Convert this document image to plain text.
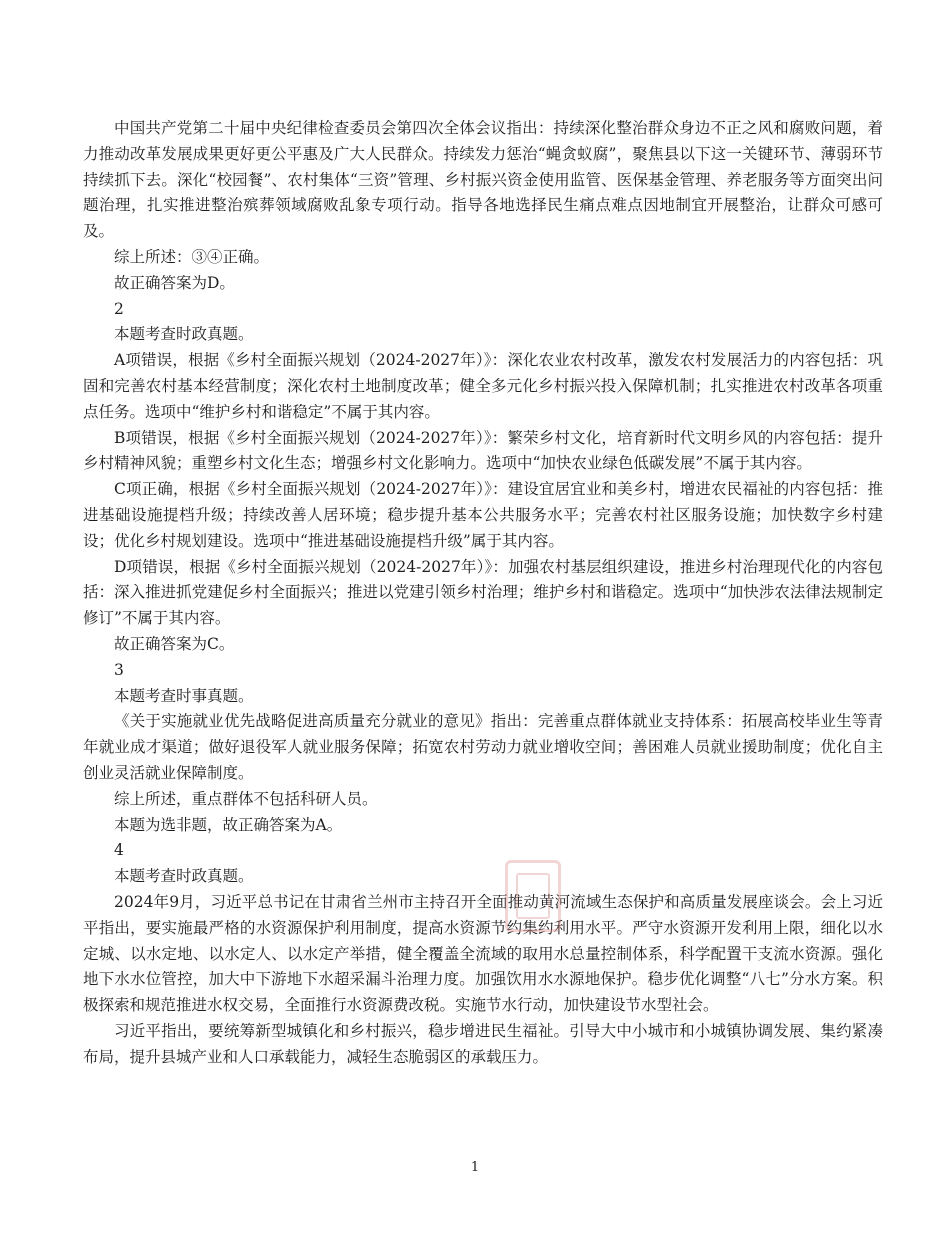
中国共产党第二十届中央纪律检查委员会第四次全体会议指出：持续深化整治群众身边不正之风和腐败问题，着力推动改革发展成果更好更公平惠及广大人民群众。持续发力惩治“蝇贪蚁腐”，聚焦县以下这一关键环节、薄弱环节持续抓下去。深化“校园餐”、农村集体“三资”管理、乡村振兴资金使用监管、医保基金管理、养老服务等方面突出问题治理，扎实推进整治殡葬领域腐败乱象专项行动。指导各地选择民生痛点难点因地制宜开展整治，让群众可感可及。

综上所述：③④正确。

故正确答案为D。

2

本题考查时政真题。

A项错误，根据《乡村全面振兴规划（2024-2027年）》：深化农业农村改革，激发农村发展活力的内容包括：巩固和完善农村基本经营制度；深化农村土地制度改革；健全多元化乡村振兴投入保障机制；扎实推进农村改革各项重点任务。选项中“维护乡村和谐稳定”不属于其内容。

B项错误，根据《乡村全面振兴规划（2024-2027年）》：繁荣乡村文化，培育新时代文明乡风的内容包括：提升乡村精神风貌；重塑乡村文化生态；增强乡村文化影响力。选项中“加快农业绿色低碳发展”不属于其内容。

C项正确，根据《乡村全面振兴规划（2024-2027年）》：建设宜居宜业和美乡村，增进农民福祉的内容包括：推进基础设施提档升级；持续改善人居环境；稳步提升基本公共服务水平；完善农村社区服务设施；加快数字乡村建设；优化乡村规划建设。选项中“推进基础设施提档升级”属于其内容。

D项错误，根据《乡村全面振兴规划（2024-2027年）》：加强农村基层组织建设，推进乡村治理现代化的内容包括：深入推进抓党建促乡村全面振兴；推进以党建引领乡村治理；维护乡村和谐稳定。选项中“加快涉农法律法规制定修订”不属于其内容。

故正确答案为C。

3

本题考查时事真题。

《关于实施就业优先战略促进高质量充分就业的意见》指出：完善重点群体就业支持体系：拓展高校毕业生等青年就业成才渠道；做好退役军人就业服务保障；拓宽农村劳动力就业增收空间；善困难人员就业援助制度；优化自主创业灵活就业保障制度。

综上所述，重点群体不包括科研人员。

本题为选非题，故正确答案为A。

4

本题考查时政真题。

2024年9月，习近平总书记在甘肃省兰州市主持召开全面推动黄河流域生态保护和高质量发展座谈会。会上习近平指出，要实施最严格的水资源保护利用制度，提高水资源节约集约利用水平。严守水资源开发利用上限，细化以水定城、以水定地、以水定人、以水定产举措，健全覆盖全流域的取用水总量控制体系，科学配置干支流水资源。强化地下水水位管控，加大中下游地下水超采漏斗治理力度。加强饮用水水源地保护。稳步优化调整“八七”分水方案。积极探索和规范推进水权交易，全面推行水资源费改税。实施节水行动，加快建设节水型社会。

习近平指出，要统筹新型城镇化和乡村振兴，稳步增进民生福祉。引导大中小城市和小城镇协调发展、集约紧凑布局，提升县城产业和人口承载能力，减轻生态脆弱区的承载压力。

1
